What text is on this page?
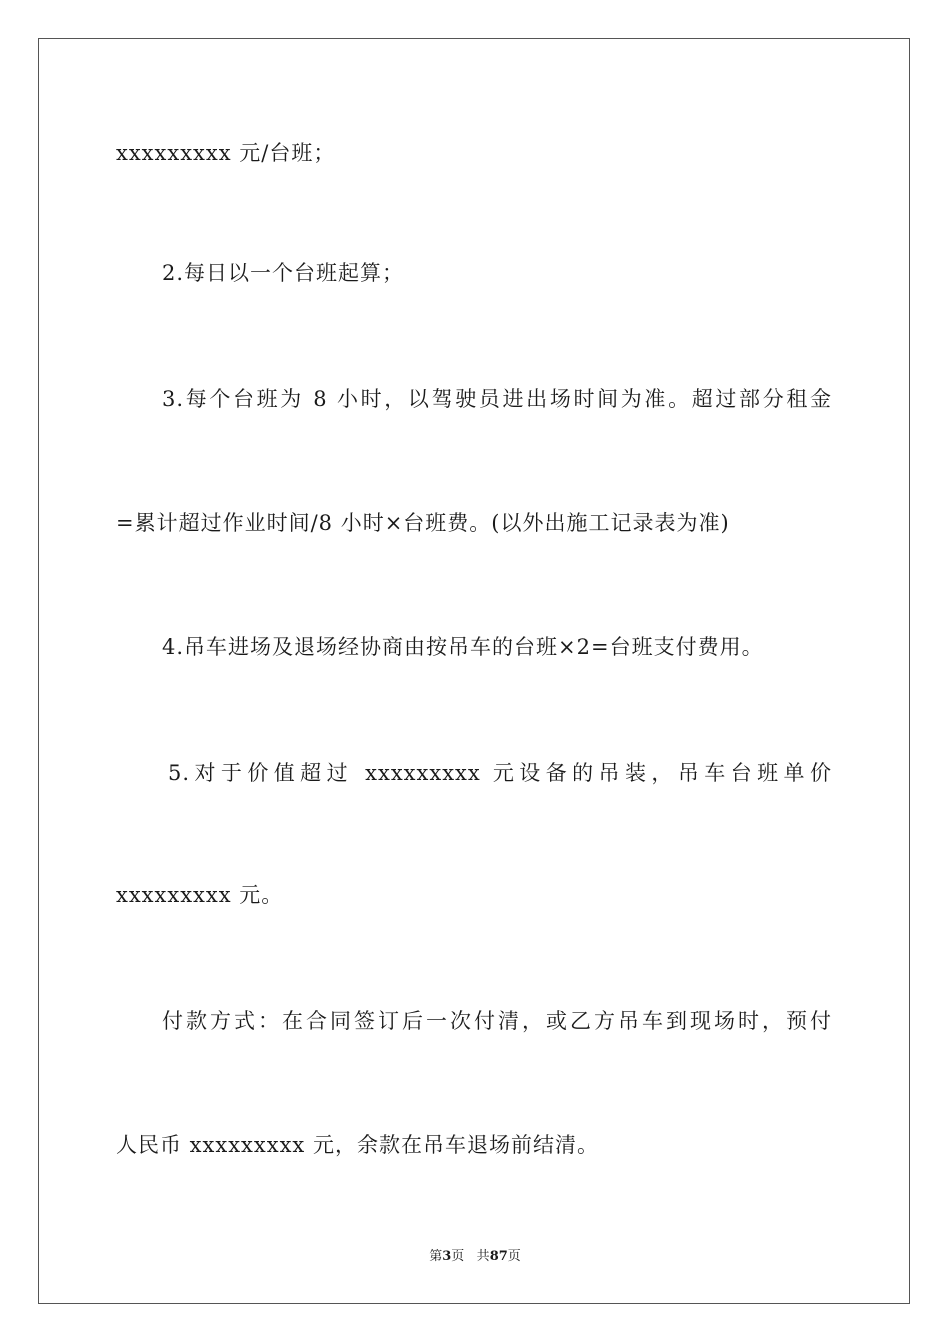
xxxxxxxxx 元/台班；
2.每日以一个台班起算；
3.每个台班为 8 小时，以驾驶员进出场时间为准。超过部分租金
=累计超过作业时间/8 小时×台班费。(以外出施工记录表为准)
4.吊车进场及退场经协商由按吊车的台班×2=台班支付费用。
5.对于价值超过 xxxxxxxxx 元设备的吊装，吊车台班单价
xxxxxxxxx 元。
付款方式：在合同签订后一次付清，或乙方吊车到现场时，预付
人民币 xxxxxxxxx 元，余款在吊车退场前结清。
第3页 共87页
